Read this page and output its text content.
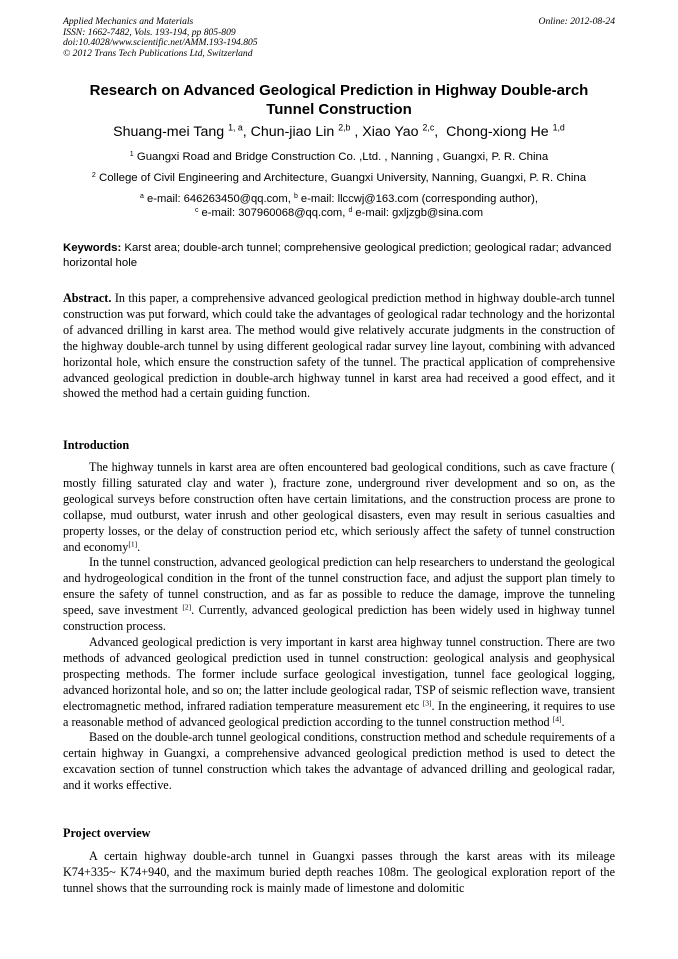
Applied Mechanics and Materials
ISSN: 1662-7482, Vols. 193-194, pp 805-809
doi:10.4028/www.scientific.net/AMM.193-194.805
© 2012 Trans Tech Publications Ltd, Switzerland
Online: 2012-08-24
Research on Advanced Geological Prediction in Highway Double-arch
Tunnel Construction
Shuang-mei Tang $^{1, a}$, Chun-jiao Lin $^{2,b}$ , Xiao Yao $^{2,c}$,  Chong-xiong He $^{1,d}$
$^1$ Guangxi Road and Bridge Construction Co. ,Ltd. , Nanning , Guangxi, P. R. China
$^2$ College of Civil Engineering and Architecture, Guangxi University, Nanning, Guangxi, P. R. China
$^a$ e-mail: 646263450@qq.com, $^b$ e-mail: llccwj@163.com (corresponding author),
$^c$ e-mail: 307960068@qq.com, $^d$ e-mail: gxljzgb@sina.com
Keywords: Karst area; double-arch tunnel; comprehensive geological prediction; geological radar; advanced horizontal hole

Abstract. In this paper, a comprehensive advanced geological prediction method in highway double-arch tunnel construction was put forward, which could take the advantages of geological radar technology and the horizontal of advanced drilling in karst area. The method would give relatively accurate judgments in the construction of the highway double-arch tunnel by using different geological radar survey line layout, combining with advanced horizontal hole, which ensure the construction safety of the tunnel. The practical application of comprehensive advanced geological prediction in double-arch highway tunnel in karst area had received a good effect, and it showed the method had a certain guiding function.

Introduction

The highway tunnels in karst area are often encountered bad geological conditions, such as cave fracture ( mostly filling saturated clay and water ), fracture zone, underground river development and so on, as the geological surveys before construction often have certain limitations, and the construction process are prone to collapse, mud outburst, water inrush and other geological disasters, even may result in serious casualties and property losses, or the delay of construction period etc, which seriously affect the safety of tunnel construction and economy[1].

In the tunnel construction, advanced geological prediction can help researchers to understand the geological and hydrogeological condition in the front of the tunnel construction face, and adjust the support plan timely to ensure the safety of tunnel construction, and as far as possible to reduce the damage, improve the tunneling speed, save investment [2]. Currently, advanced geological prediction has been widely used in highway tunnel construction process.

Advanced geological prediction is very important in karst area highway tunnel construction. There are two methods of advanced geological prediction used in tunnel construction: geological analysis and geophysical prospecting methods. The former include surface geological investigation, tunnel face geological logging, advanced horizontal hole, and so on; the latter include geological radar, TSP of seismic reflection wave, transient electromagnetic method, infrared radiation temperature measurement etc [3]. In the engineering, it requires to use a reasonable method of advanced geological prediction according to the tunnel construction method [4].

Based on the double-arch tunnel geological conditions, construction method and schedule requirements of a certain highway in Guangxi, a comprehensive advanced geological prediction method is used to detect the excavation section of tunnel construction which takes the advantage of advanced drilling and geological radar, and it works effective.

Project overview

A certain highway double-arch tunnel in Guangxi passes through the karst areas with its mileage K74+335~ K74+940, and the maximum buried depth reaches 108m. The geological exploration report of the tunnel shows that the surrounding rock is mainly made of limestone and dolomitic
